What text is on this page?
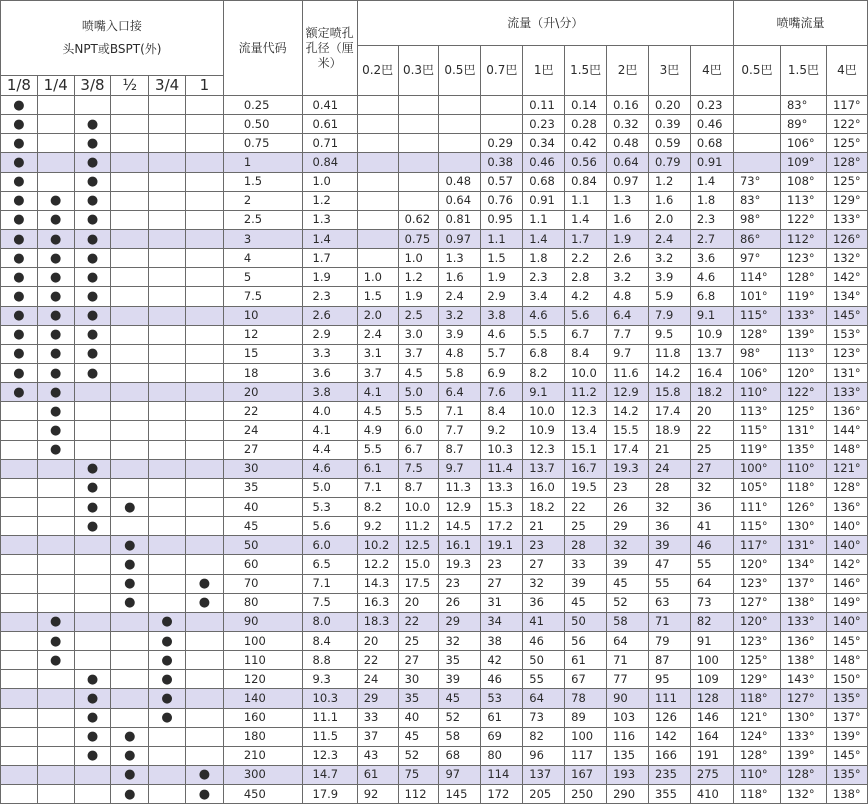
喷嘴入口接
头NPT或BSPT(外)						流量代码	额定喷孔孔径（厘米）	流量（升\分）									喷嘴流量		
								0.2巴	0.3巴	0.5巴	0.7巴	1巴	1.5巴	2巴	3巴	4巴	0.5巴	1.5巴	4巴
1/8	1/4	3/8	½	3/4	1														
●						0.25	0.41					0.11	0.14	0.16	0.20	0.23		83°	117°
●		●				0.50	0.61					0.23	0.28	0.32	0.39	0.46		89°	122°
●		●				0.75	0.71				0.29	0.34	0.42	0.48	0.59	0.68		106°	125°
●		●				1	0.84				0.38	0.46	0.56	0.64	0.79	0.91		109°	128°
●		●				1.5	1.0			0.48	0.57	0.68	0.84	0.97	1.2	1.4	73°	108°	125°
●	●	●				2	1.2			0.64	0.76	0.91	1.1	1.3	1.6	1.8	83°	113°	129°
●	●	●				2.5	1.3		0.62	0.81	0.95	1.1	1.4	1.6	2.0	2.3	98°	122°	133°
●	●	●				3	1.4		0.75	0.97	1.1	1.4	1.7	1.9	2.4	2.7	86°	112°	126°
●	●	●				4	1.7		1.0	1.3	1.5	1.8	2.2	2.6	3.2	3.6	97°	123°	132°
●	●	●				5	1.9	1.0	1.2	1.6	1.9	2.3	2.8	3.2	3.9	4.6	114°	128°	142°
●	●	●				7.5	2.3	1.5	1.9	2.4	2.9	3.4	4.2	4.8	5.9	6.8	101°	119°	134°
●	●	●				10	2.6	2.0	2.5	3.2	3.8	4.6	5.6	6.4	7.9	9.1	115°	133°	145°
●	●	●				12	2.9	2.4	3.0	3.9	4.6	5.5	6.7	7.7	9.5	10.9	128°	139°	153°
●	●	●				15	3.3	3.1	3.7	4.8	5.7	6.8	8.4	9.7	11.8	13.7	98°	113°	123°
●	●	●				18	3.6	3.7	4.5	5.8	6.9	8.2	10.0	11.6	14.2	16.4	106°	120°	131°
●	●					20	3.8	4.1	5.0	6.4	7.6	9.1	11.2	12.9	15.8	18.2	110°	122°	133°
	●					22	4.0	4.5	5.5	7.1	8.4	10.0	12.3	14.2	17.4	20	113°	125°	136°
	●					24	4.1	4.9	6.0	7.7	9.2	10.9	13.4	15.5	18.9	22	115°	131°	144°
	●					27	4.4	5.5	6.7	8.7	10.3	12.3	15.1	17.4	21	25	119°	135°	148°
		●				30	4.6	6.1	7.5	9.7	11.4	13.7	16.7	19.3	24	27	100°	110°	121°
		●				35	5.0	7.1	8.7	11.3	13.3	16.0	19.5	23	28	32	105°	118°	128°
		●	●			40	5.3	8.2	10.0	12.9	15.3	18.2	22	26	32	36	111°	126°	136°
		●				45	5.6	9.2	11.2	14.5	17.2	21	25	29	36	41	115°	130°	140°
			●			50	6.0	10.2	12.5	16.1	19.1	23	28	32	39	46	117°	131°	140°
			●			60	6.5	12.2	15.0	19.3	23	27	33	39	47	55	120°	134°	142°
			●		●	70	7.1	14.3	17.5	23	27	32	39	45	55	64	123°	137°	146°
			●		●	80	7.5	16.3	20	26	31	36	45	52	63	73	127°	138°	149°
	●			●		90	8.0	18.3	22	29	34	41	50	58	71	82	120°	133°	140°
	●			●		100	8.4	20	25	32	38	46	56	64	79	91	123°	136°	145°
	●			●		110	8.8	22	27	35	42	50	61	71	87	100	125°	138°	148°
		●		●		120	9.3	24	30	39	46	55	67	77	95	109	129°	143°	150°
		●		●		140	10.3	29	35	45	53	64	78	90	111	128	118°	127°	135°
		●		●		160	11.1	33	40	52	61	73	89	103	126	146	121°	130°	137°
		●	●			180	11.5	37	45	58	69	82	100	116	142	164	124°	133°	139°
		●	●			210	12.3	43	52	68	80	96	117	135	166	191	128°	139°	145°
			●		●	300	14.7	61	75	97	114	137	167	193	235	275	110°	128°	135°
			●		●	450	17.9	92	112	145	172	205	250	290	355	410	118°	132°	138°
